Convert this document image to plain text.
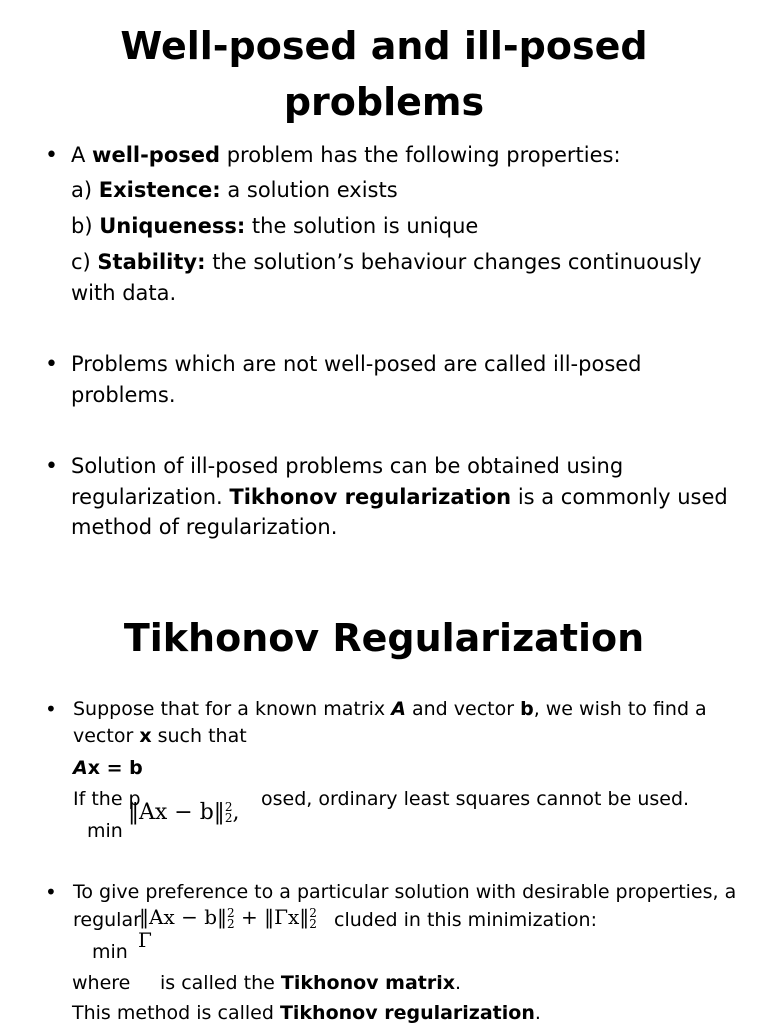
Well-posed and ill-posed
problems
• A well-posed problem has the following properties:
a) Existence: a solution exists
b) Uniqueness: the solution is unique
c) Stability: the solution’s behaviour changes continuously
with data.
• Problems which are not well-posed are called ill-posed
problems.
• Solution of ill-posed problems can be obtained using
regularization. Tikhonov regularization is a commonly used
method of regularization.
Tikhonov Regularization
• Suppose that for a known matrix A and vector b, we wish to find a
vector x such that
Ax = b
If the p	osed, ordinary least squares cannot be used.
min
‖Ax − b‖2
2,
• To give preference to a particular solution with desirable properties, a
regular	cluded in this minimization:
‖Ax − b‖2
2 + ‖Γx‖2
2
min Γ
where is called the Tikhonov matrix.
This method is called Tikhonov regularization.
